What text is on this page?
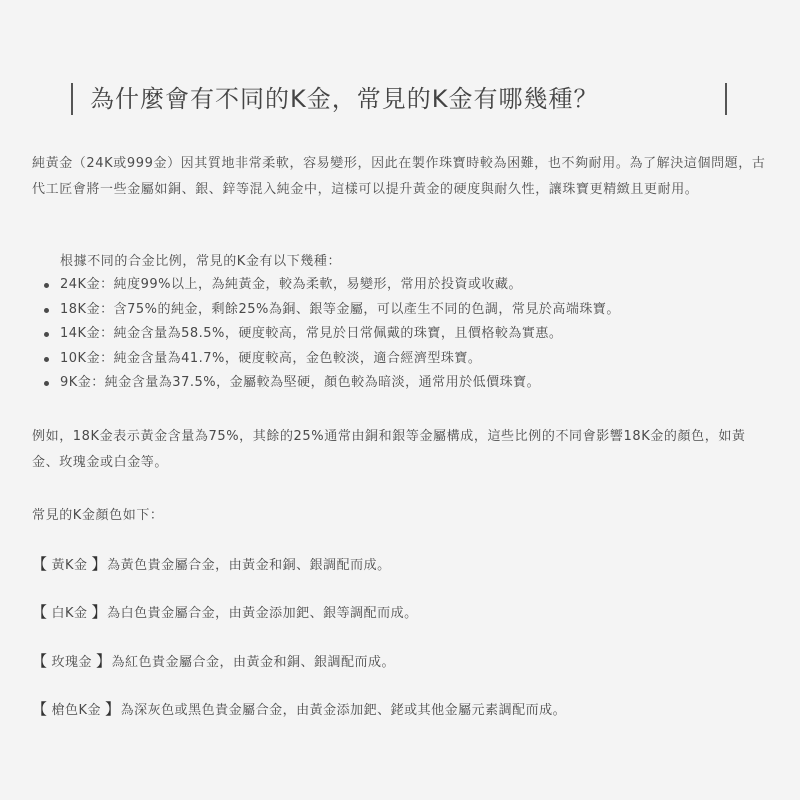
為什麼會有不同的K金，常見的K金有哪幾種？
純黃金（24K或999金）因其質地非常柔軟，容易變形，因此在製作珠寶時較為困難，也不夠耐用。為了解決這個問題，古代工匠會將一些金屬如銅、銀、鋅等混入純金中，這樣可以提升黃金的硬度與耐久性，讓珠寶更精緻且更耐用。
根據不同的合金比例，常見的K金有以下幾種：
24K金：純度99%以上，為純黃金，較為柔軟，易變形，常用於投資或收藏。
18K金：含75%的純金，剩餘25%為銅、銀等金屬，可以產生不同的色調，常見於高端珠寶。
14K金：純金含量為58.5%，硬度較高，常見於日常佩戴的珠寶，且價格較為實惠。
10K金：純金含量為41.7%，硬度較高，金色較淡，適合經濟型珠寶。
9K金：純金含量為37.5%，金屬較為堅硬，顏色較為暗淡，通常用於低價珠寶。
例如，18K金表示黃金含量為75%，其餘的25%通常由銅和銀等金屬構成，這些比例的不同會影響18K金的顏色，如黃金、玫瑰金或白金等。
常見的K金顏色如下：
【 黃K金 】為黃色貴金屬合金，由黃金和銅、銀調配而成。
【 白K金 】為白色貴金屬合金，由黃金添加鈀、銀等調配而成。
【 玫瑰金 】為紅色貴金屬合金，由黃金和銅、銀調配而成。
【 槍色K金 】為深灰色或黑色貴金屬合金，由黃金添加鈀、銠或其他金屬元素調配而成。
